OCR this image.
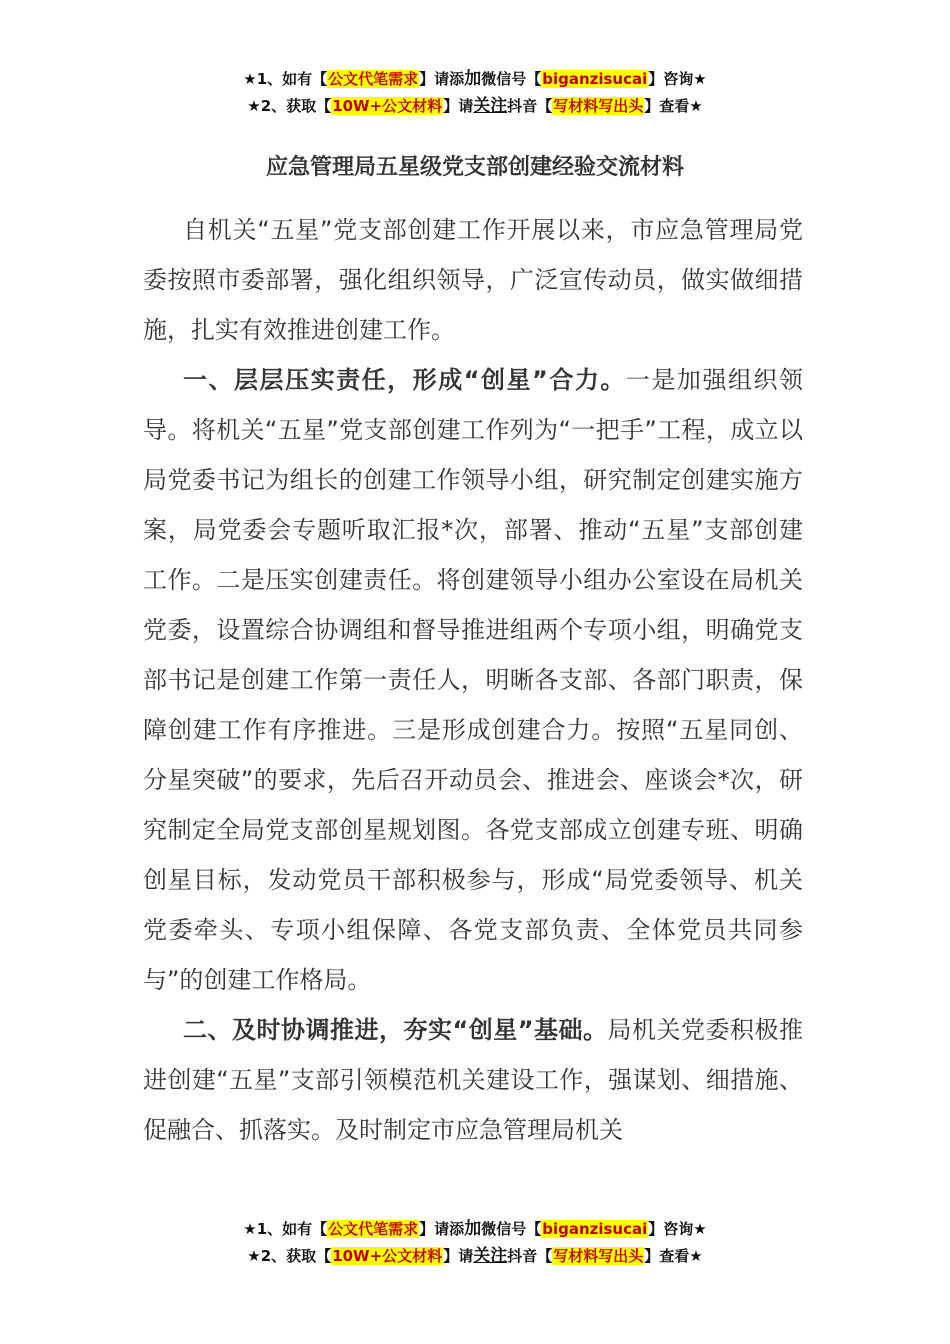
★1、如有【公文代笔需求】请添加微信号【biganzisucai】咨询★
★2、获取【10W+公文材料】请关注抖音【写材料写出头】查看★
应急管理局五星级党支部创建经验交流材料

自机关“五星”党支部创建工作开展以来，市应急管理局党委按照市委部署，强化组织领导，广泛宣传动员，做实做细措施，扎实有效推进创建工作。

一、层层压实责任，形成“创星”合力。一是加强组织领导。将机关“五星”党支部创建工作列为“一把手”工程，成立以局党委书记为组长的创建工作领导小组，研究制定创建实施方案，局党委会专题听取汇报*次，部署、推动“五星”支部创建工作。二是压实创建责任。将创建领导小组办公室设在局机关党委，设置综合协调组和督导推进组两个专项小组，明确党支部书记是创建工作第一责任人，明晰各支部、各部门职责，保障创建工作有序推进。三是形成创建合力。按照“五星同创、分星突破”的要求，先后召开动员会、推进会、座谈会*次，研究制定全局党支部创星规划图。各党支部成立创建专班、明确创星目标，发动党员干部积极参与，形成“局党委领导、机关党委牵头、专项小组保障、各党支部负责、全体党员共同参与”的创建工作格局。

二、及时协调推进，夯实“创星”基础。局机关党委积极推进创建“五星”支部引领模范机关建设工作，强谋划、细措施、促融合、抓落实。及时制定市应急管理局机关

★1、如有【公文代笔需求】请添加微信号【biganzisucai】咨询★
★2、获取【10W+公文材料】请关注抖音【写材料写出头】查看★
